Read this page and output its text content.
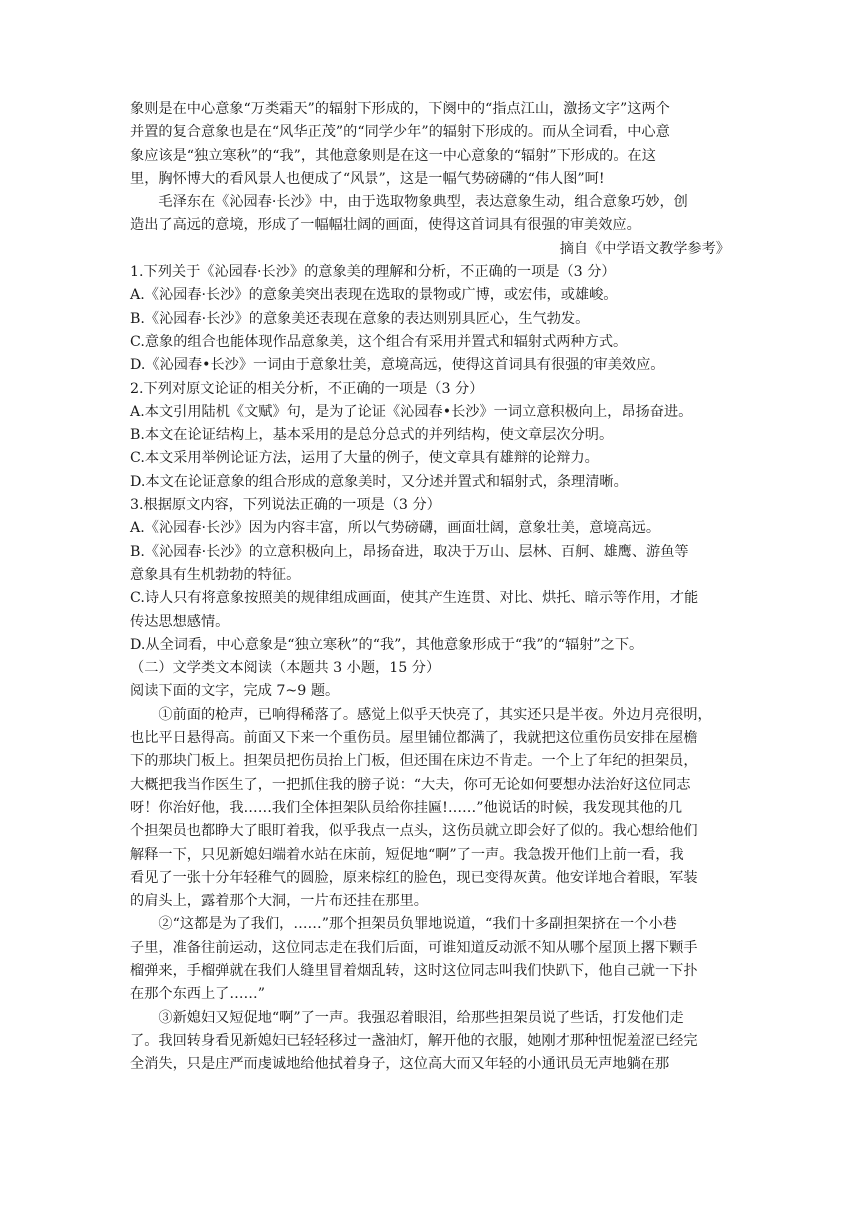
象则是在中心意象“万类霜天”的辐射下形成的，下阕中的“指点江山，激扬文字”这两个
并置的复合意象也是在“风华正茂”的“同学少年”的辐射下形成的。而从全词看，中心意
象应该是“独立寒秋”的“我”，其他意象则是在这一中心意象的“辐射”下形成的。在这
里，胸怀博大的看风景人也便成了“风景”，这是一幅气势磅礴的“伟人图”呵!
毛泽东在《沁园春·长沙》中，由于选取物象典型，表达意象生动，组合意象巧妙，创
造出了高远的意境，形成了一幅幅壮阔的画面，使得这首词具有很强的审美效应。
摘自《中学语文教学参考》
1.下列关于《沁园春·长沙》的意象美的理解和分析，不正确的一项是（3 分）
A.《沁园春·长沙》的意象美突出表现在选取的景物或广博，或宏伟，或雄峻。
B.《沁园春·长沙》的意象美还表现在意象的表达则别具匠心，生气勃发。
C.意象的组合也能体现作品意象美，这个组合有采用并置式和辐射式两种方式。
D.《沁园春•长沙》一词由于意象壮美，意境高远，使得这首词具有很强的审美效应。
2.下列对原文论证的相关分析，不正确的一项是（3 分）
A.本文引用陆机《文赋》句，是为了论证《沁园春•长沙》一词立意积极向上，昂扬奋进。
B.本文在论证结构上，基本采用的是总分总式的并列结构，使文章层次分明。
C.本文采用举例论证方法，运用了大量的例子，使文章具有雄辩的论辩力。
D.本文在论证意象的组合形成的意象美时，又分述并置式和辐射式，条理清晰。
3.根据原文内容，下列说法正确的一项是（3 分）
A.《沁园春·长沙》因为内容丰富，所以气势磅礴，画面壮阔，意象壮美，意境高远。
B.《沁园春·长沙》的立意积极向上，昂扬奋进，取决于万山、层林、百舸、雄鹰、游鱼等
意象具有生机勃勃的特征。
C.诗人只有将意象按照美的规律组成画面，使其产生连贯、对比、烘托、暗示等作用，才能
传达思想感情。
D.从全词看，中心意象是“独立寒秋”的“我”，其他意象形成于“我”的“辐射”之下。
（二）文学类文本阅读（本题共 3 小题，15 分）
阅读下面的文字，完成 7~9 题。
①前面的枪声，已响得稀落了。感觉上似乎天快亮了，其实还只是半夜。外边月亮很明，
也比平日悬得高。前面又下来一个重伤员。屋里铺位都满了，我就把这位重伤员安排在屋檐
下的那块门板上。担架员把伤员抬上门板，但还围在床边不肯走。一个上了年纪的担架员，
大概把我当作医生了，一把抓住我的膀子说：“大夫，你可无论如何要想办法治好这位同志
呀！你治好他，我……我们全体担架队员给你挂匾!……”他说话的时候，我发现其他的几
个担架员也都睁大了眼盯着我，似乎我点一点头，这伤员就立即会好了似的。我心想给他们
解释一下，只见新媳妇端着水站在床前，短促地“啊”了一声。我急拨开他们上前一看，我
看见了一张十分年轻稚气的圆脸，原来棕红的脸色，现已变得灰黄。他安详地合着眼，军装
的肩头上，露着那个大洞，一片布还挂在那里。
②“这都是为了我们，……”那个担架员负罪地说道，“我们十多副担架挤在一个小巷
子里，准备往前运动，这位同志走在我们后面，可谁知道反动派不知从哪个屋顶上撂下颗手
榴弹来，手榴弹就在我们人缝里冒着烟乱转，这时这位同志叫我们快趴下，他自己就一下扑
在那个东西上了……”
③新媳妇又短促地“啊”了一声。我强忍着眼泪，给那些担架员说了些话，打发他们走
了。我回转身看见新媳妇已轻轻移过一盏油灯，解开他的衣服，她刚才那种忸怩羞涩已经完
全消失，只是庄严而虔诚地给他拭着身子，这位高大而又年轻的小通讯员无声地躺在那
